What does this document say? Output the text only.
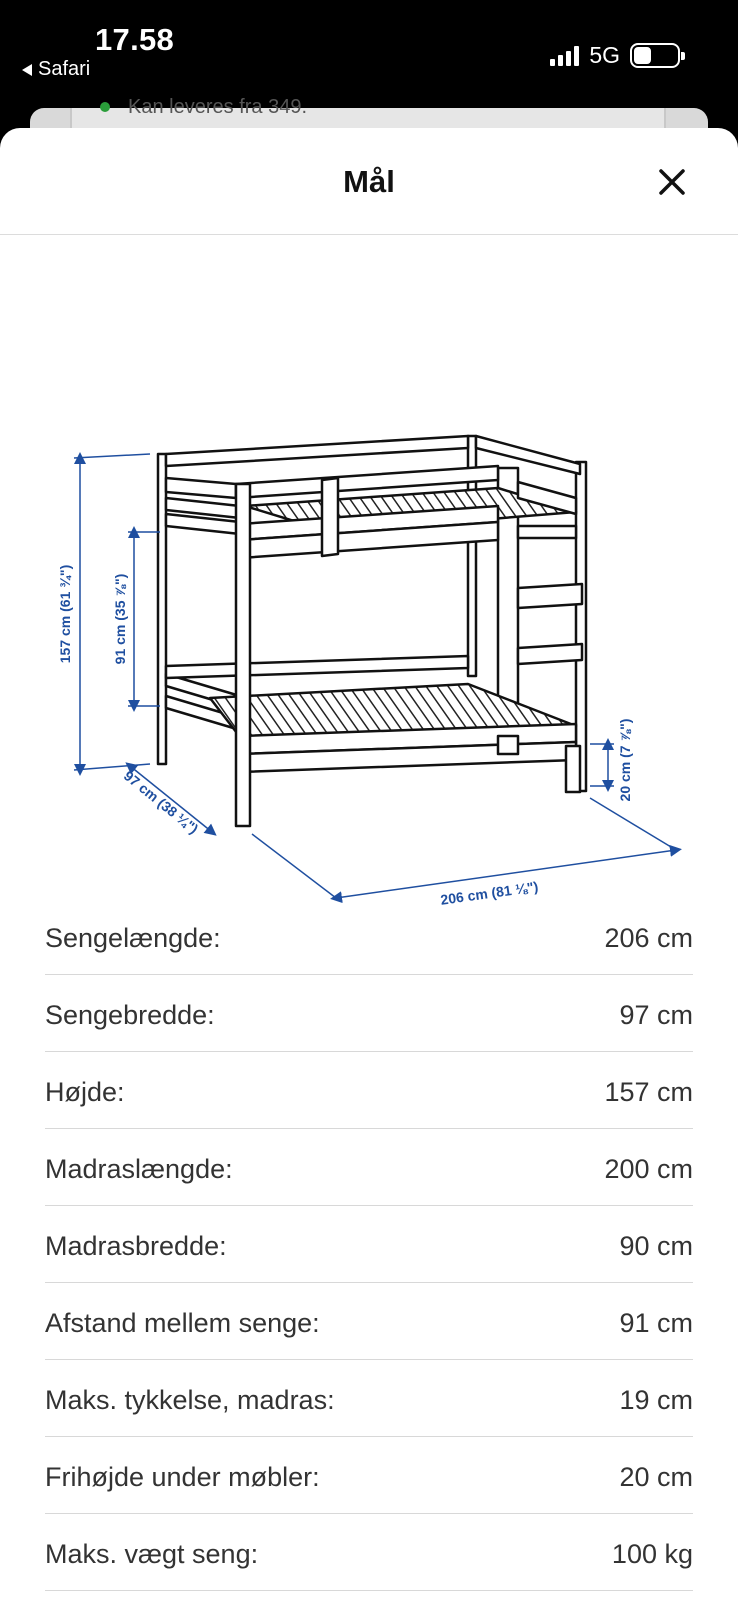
17.58
Safari
5G
Kan leveres fra 349.
Mål
157 cm (61 ¾")	91 cm (35 ⅞")
97 cm (38 ¼")
206 cm (81 ⅛")
20 cm (7 ⅞")
Sengelængde:	206 cm
Sengebredde:	97 cm
Højde:	157 cm
Madraslængde:	200 cm
Madrasbredde:	90 cm
Afstand mellem senge:	91 cm
Maks. tykkelse, madras:	19 cm
Frihøjde under møbler:	20 cm
Maks. vægt seng:	100 kg
